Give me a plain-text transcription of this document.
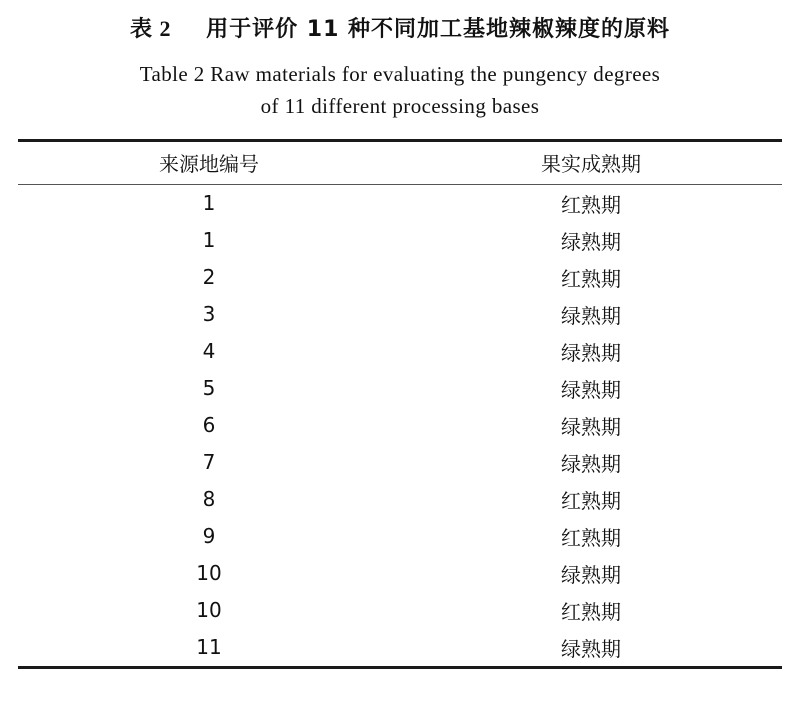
表 2 用于评价 11 种不同加工基地辣椒辣度的原料
Table 2 Raw materials for evaluating the pungency degrees
of 11 different processing bases
来源地编号	果实成熟期
1	红熟期
1	绿熟期
2	红熟期
3	绿熟期
4	绿熟期
5	绿熟期
6	绿熟期
7	绿熟期
8	红熟期
9	红熟期
10	绿熟期
10	红熟期
11	绿熟期
